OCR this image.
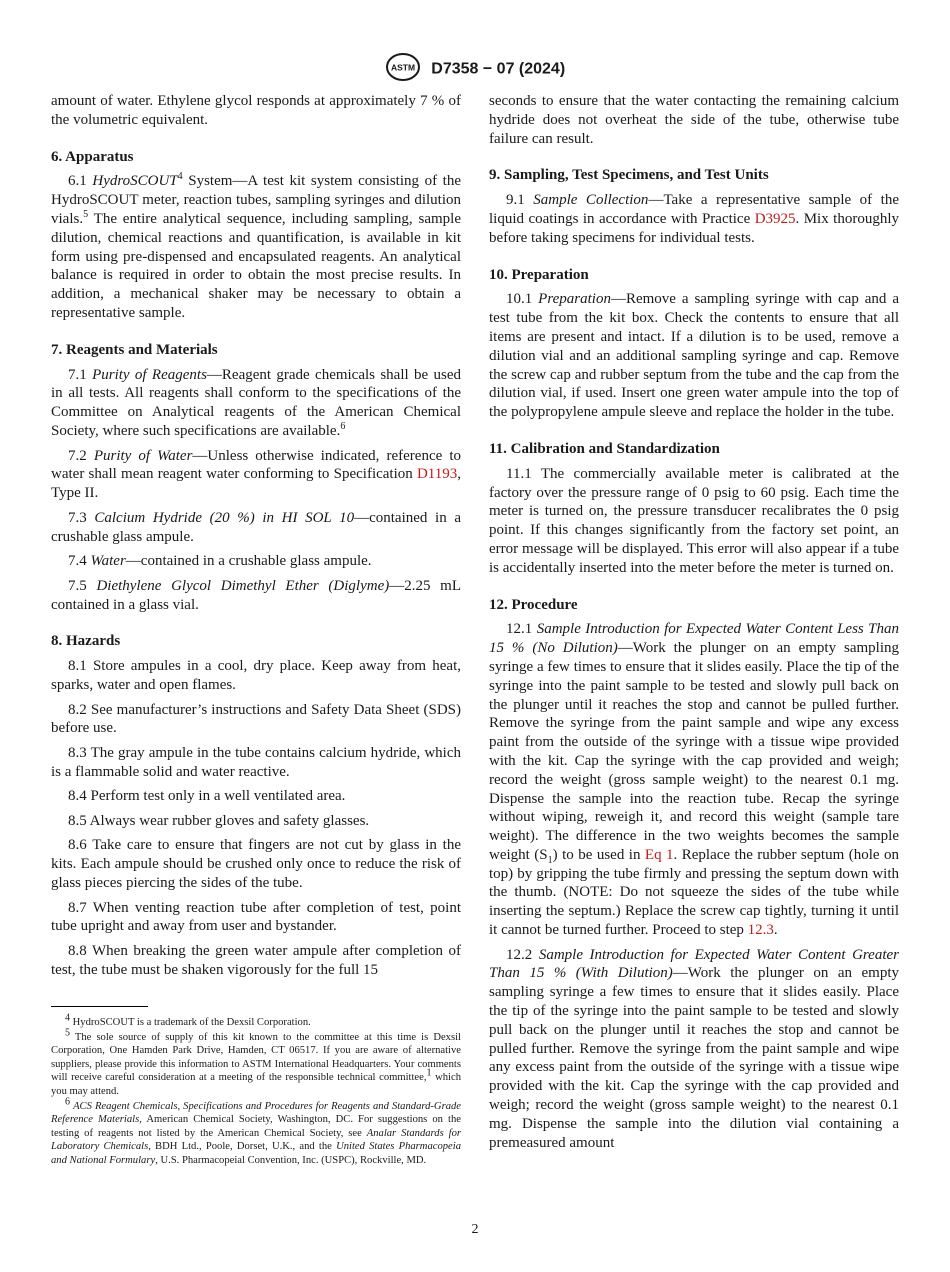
ASTM D7358 − 07 (2024)

amount of water. Ethylene glycol responds at approximately 7 % of the volumetric equivalent.

6. Apparatus

6.1 HydroSCOUT$^4$ System—A test kit system consisting of the HydroSCOUT meter, reaction tubes, sampling syringes and dilution vials.$^5$ The entire analytical sequence, including sampling, sample dilution, chemical reactions and quantification, is available in kit form using pre-dispensed and encapsulated reagents. An analytical balance is required in order to obtain the most precise results. In addition, a mechanical shaker may be necessary to obtain a representative sample.

7. Reagents and Materials

7.1 Purity of Reagents—Reagent grade chemicals shall be used in all tests. All reagents shall conform to the specifications of the Committee on Analytical reagents of the American Chemical Society, where such specifications are available.$^6$

7.2 Purity of Water—Unless otherwise indicated, reference to water shall mean reagent water conforming to Specification D1193, Type II.

7.3 Calcium Hydride (20 %) in HI SOL 10—contained in a crushable glass ampule.

7.4 Water—contained in a crushable glass ampule.

7.5 Diethylene Glycol Dimethyl Ether (Diglyme)—2.25 mL contained in a glass vial.

8. Hazards

8.1 Store ampules in a cool, dry place. Keep away from heat, sparks, water and open flames.

8.2 See manufacturer’s instructions and Safety Data Sheet (SDS) before use.

8.3 The gray ampule in the tube contains calcium hydride, which is a flammable solid and water reactive.

8.4 Perform test only in a well ventilated area.

8.5 Always wear rubber gloves and safety glasses.

8.6 Take care to ensure that fingers are not cut by glass in the kits. Each ampule should be crushed only once to reduce the risk of glass pieces piercing the sides of the tube.

8.7 When venting reaction tube after completion of test, point tube upright and away from user and bystander.

8.8 When breaking the green water ampule after completion of test, the tube must be shaken vigorously for the full 15

$^4$ HydroSCOUT is a trademark of the Dexsil Corporation.

$^5$ The sole source of supply of this kit known to the committee at this time is Dexsil Corporation, One Hamden Park Drive, Hamden, CT 06517. If you are aware of alternative suppliers, please provide this information to ASTM International Headquarters. Your comments will receive careful consideration at a meeting of the responsible technical committee,$^1$ which you may attend.

$^6$ ACS Reagent Chemicals, Specifications and Procedures for Reagents and Standard-Grade Reference Materials, American Chemical Society, Washington, DC. For suggestions on the testing of reagents not listed by the American Chemical Society, see Analar Standards for Laboratory Chemicals, BDH Ltd., Poole, Dorset, U.K., and the United States Pharmacopeia and National Formulary, U.S. Pharmacopeial Convention, Inc. (USPC), Rockville, MD.

seconds to ensure that the water contacting the remaining calcium hydride does not overheat the side of the tube, otherwise tube failure can result.

9. Sampling, Test Specimens, and Test Units

9.1 Sample Collection—Take a representative sample of the liquid coatings in accordance with Practice D3925. Mix thoroughly before taking specimens for individual tests.

10. Preparation

10.1 Preparation—Remove a sampling syringe with cap and a test tube from the kit box. Check the contents to ensure that all items are present and intact. If a dilution is to be used, remove a dilution vial and an additional sampling syringe and cap. Remove the screw cap and rubber septum from the tube and the cap from the dilution vial, if used. Insert one green water ampule into the top of the polypropylene ampule sleeve and replace the holder in the tube.

11. Calibration and Standardization

11.1 The commercially available meter is calibrated at the factory over the pressure range of 0 psig to 60 psig. Each time the meter is turned on, the pressure transducer recalibrates the 0 psig point. If this changes significantly from the factory set point, an error message will be displayed. This error will also appear if a tube is accidentally inserted into the meter before the meter is turned on.

12. Procedure

12.1 Sample Introduction for Expected Water Content Less Than 15 % (No Dilution)—Work the plunger on an empty sampling syringe a few times to ensure that it slides easily. Place the tip of the syringe into the paint sample to be tested and slowly pull back on the plunger until it reaches the stop and cannot be pulled further. Remove the syringe from the paint sample and wipe any excess paint from the outside of the syringe with a tissue wipe provided with the kit. Cap the syringe with the cap provided and weigh; record the weight (gross sample weight) to the nearest 0.1 mg. Dispense the sample into the reaction tube. Recap the syringe without wiping, reweigh it, and record this weight (sample tare weight). The difference in the two weights becomes the sample weight $(S_1)$ to be used in Eq 1. Replace the rubber septum (hole on top) by gripping the tube firmly and pressing the septum down with the thumb. (NOTE: Do not squeeze the sides of the tube while inserting the septum.) Replace the screw cap tightly, turning it until it cannot be turned further. Proceed to step 12.3.

12.2 Sample Introduction for Expected Water Content Greater Than 15 % (With Dilution)—Work the plunger on an empty sampling syringe a few times to ensure that it slides easily. Place the tip of the syringe into the paint sample to be tested and slowly pull back on the plunger until it reaches the stop and cannot be pulled further. Remove the syringe from the paint sample and wipe any excess paint from the outside of the syringe with a tissue wipe provided with the kit. Cap the syringe with the cap provided and weigh; record the weight (gross sample weight) to the nearest 0.1 mg. Dispense the sample into the dilution vial containing a premeasured amount

2
